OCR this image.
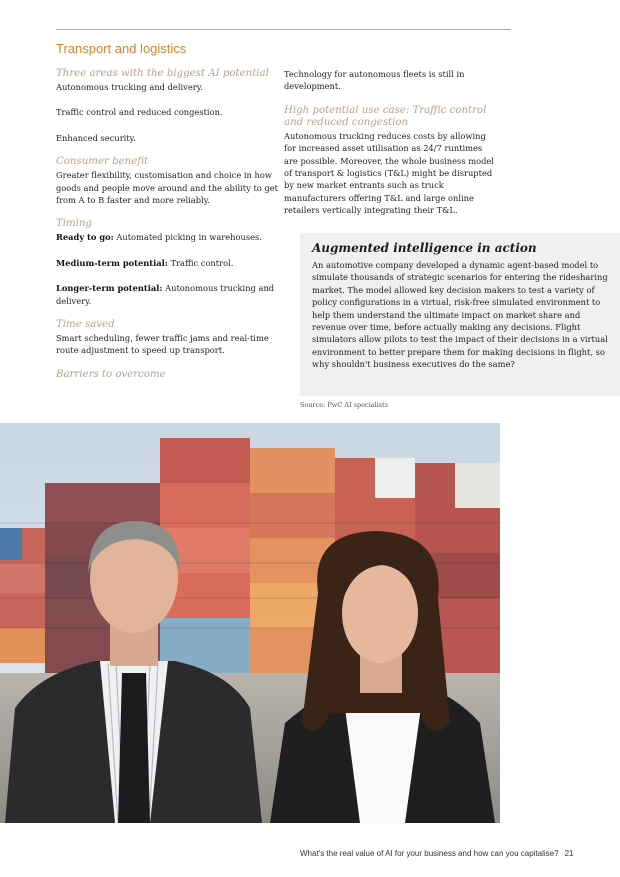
Transport and logistics
Three areas with the biggest AI potential

Autonomous trucking and delivery.

Traffic control and reduced congestion.

Enhanced security.

Consumer benefit

Greater flexibility, customisation and choice in how goods and people move around and the ability to get from A to B faster and more reliably.

Timing

Ready to go: Automated picking in warehouses.

Medium-term potential: Traffic control.

Longer-term potential: Autonomous trucking and delivery.

Time saved

Smart scheduling, fewer traffic jams and real-time route adjustment to speed up transport.

Barriers to overcome

Technology for autonomous fleets is still in development.

High potential use case: Traffic control and reduced congestion

Autonomous trucking reduces costs by allowing for increased asset utilisation as 24/7 runtimes are possible. Moreover, the whole business model of transport & logistics (T&L) might be disrupted by new market entrants such as truck manufacturers offering T&L and large online retailers vertically integrating their T&L.

Augmented intelligence in action
An automotive company developed a dynamic agent-based model to simulate thousands of strategic scenarios for entering the ridesharing market. The model allowed key decision makers to test a variety of policy configurations in a virtual, risk-free simulated environment to help them understand the ultimate impact on market share and revenue over time, before actually making any decisions. Flight simulators allow pilots to test the impact of their decisions in a virtual environment to better prepare them for making decisions in flight, so why shouldn't business executives do the same?
Source: PwC AI specialists
What's the real value of AI for your business and how can you capitalise? 21
